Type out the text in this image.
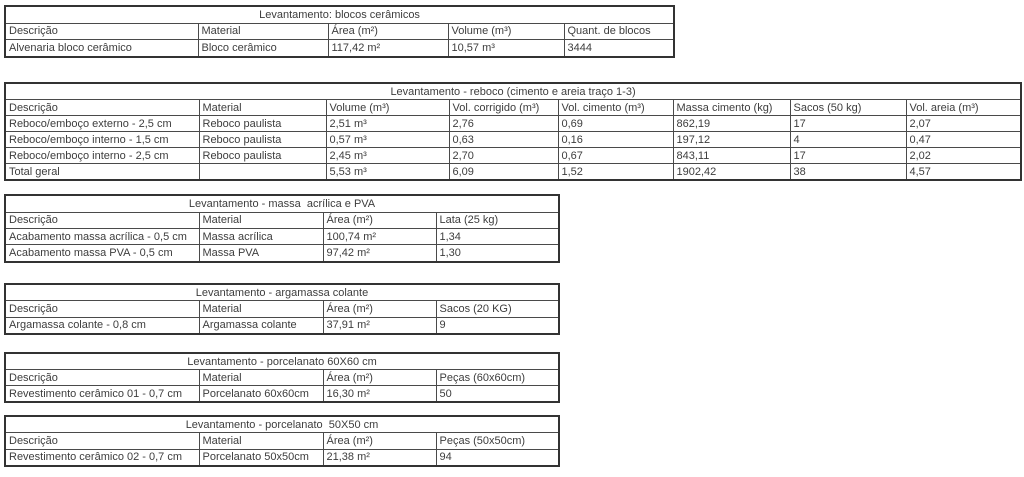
Levantamento: blocos cerâmicos				
Descrição	Material	Área (m²)	Volume (m³)	Quant. de blocos
Alvenaria bloco cerâmico	Bloco cerâmico	117,42 m²	10,57 m³	3444
Levantamento - reboco (cimento e areia traço 1-3)							
Descrição	Material	Volume (m³)	Vol. corrigido (m³)	Vol. cimento (m³)	Massa cimento (kg)	Sacos (50 kg)	Vol. areia (m³)
Reboco/emboço externo - 2,5 cm	Reboco paulista	2,51 m³	2,76	0,69	862,19	17	2,07
Reboco/emboço interno - 1,5 cm	Reboco paulista	0,57 m³	0,63	0,16	197,12	4	0,47
Reboco/emboço interno - 2,5 cm	Reboco paulista	2,45 m³	2,70	0,67	843,11	17	2,02
Total geral		5,53 m³	6,09	1,52	1902,42	38	4,57
Levantamento - massa  acrílica e PVA			
Descrição	Material	Área (m²)	Lata (25 kg)
Acabamento massa acrílica - 0,5 cm	Massa acrílica	100,74 m²	1,34
Acabamento massa PVA - 0,5 cm	Massa PVA	97,42 m²	1,30
Levantamento - argamassa colante			
Descrição	Material	Área (m²)	Sacos (20 KG)
Argamassa colante - 0,8 cm	Argamassa colante	37,91 m²	9
Levantamento - porcelanato 60X60 cm			
Descrição	Material	Área (m²)	Peças (60x60cm)
Revestimento cerâmico 01 - 0,7 cm	Porcelanato 60x60cm	16,30 m²	50
Levantamento - porcelanato  50X50 cm			
Descrição	Material	Área (m²)	Peças (50x50cm)
Revestimento cerâmico 02 - 0,7 cm	Porcelanato 50x50cm	21,38 m²	94
